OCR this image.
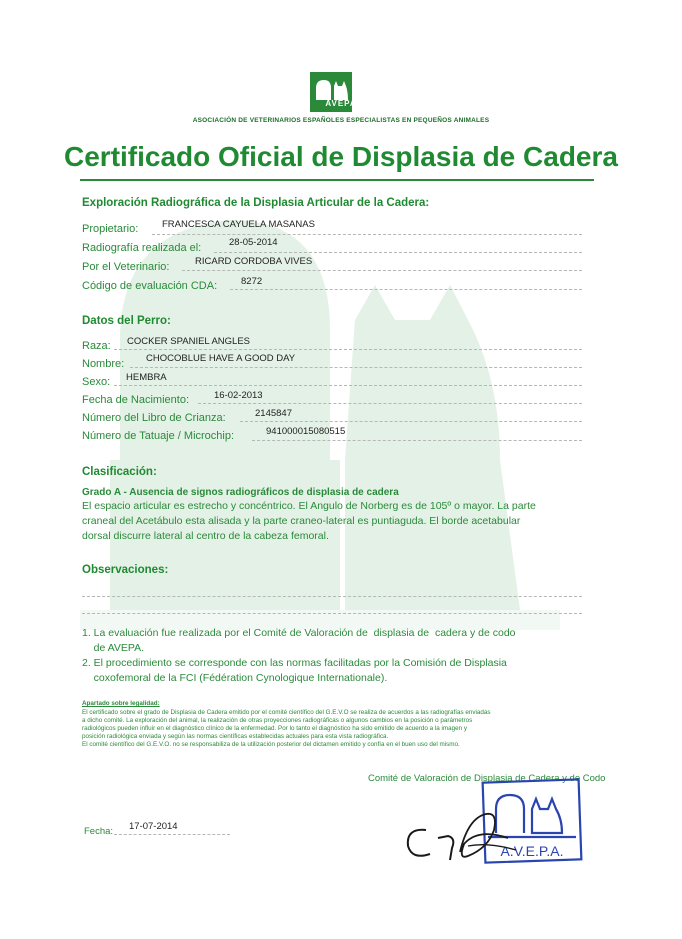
AVEPA
ASOCIACIÓN DE VETERINARIOS ESPAÑOLES ESPECIALISTAS EN PEQUEÑOS ANIMALES
Certificado Oficial de Displasia de Cadera
Exploración Radiográfica de la Displasia Articular de la Cadera:
Propietario: FRANCESCA CAYUELA MASANAS
Radiografía realizada el:	28-05-2014
Por el Veterinario:	RICARD CORDOBA VIVES
Código de evaluación CDA:	8272
Datos del Perro:
Raza: COCKER SPANIEL ANGLES
Nombre: CHOCOBLUE HAVE A GOOD DAY
Sexo: HEMBRA
Fecha de Nacimiento:	16-02-2013
Número del Libro de Crianza:	2145847
Número de Tatuaje / Microchip:	941000015080515
Clasificación:
Grado A - Ausencia de signos radiográficos de displasia de cadera
El espacio articular es estrecho y concéntrico. El Angulo de Norberg es de 105º o mayor. La parte
craneal del Acetábulo esta alisada y la parte craneo-lateral es puntiaguda. El borde acetabular
dorsal discurre lateral al centro de la cabeza femoral.
Observaciones:
1. La evaluación fue realizada por el Comité de Valoración de  displasia de  cadera y de codo
de AVEPA.
2. El procedimiento se corresponde con las normas facilitadas por la Comisión de Displasia
coxofemoral de la FCI (Fédération Cynologique Internationale).
Apartado sobre legalidad:
El certificado sobre el grado de Displasia de Cadera emitido por el comité científico del G.E.V.O se realiza de acuerdos a las radiografías enviadas
a dicho comité. La exploración del animal, la realización de otras proyecciones radiográficas o algunos cambios en la posición o parámetros
radiológicos pueden influir en el diagnóstico clínico de la enfermedad. Por lo tanto el diagnóstico ha sido emitido de acuerdo a la imagen y
posición radiológica enviada y según las normas científicas establecidas actuales para esta vista radiográfica.
El comité científico del G.E.V.O. no se responsabiliza de la utilización posterior del dictamen emitido y confía en el buen uso del mismo.
Comité de Valoración de Displasia de Cadera y de Codo
Fecha: 17-07-2014
A.V.E.P.A.
